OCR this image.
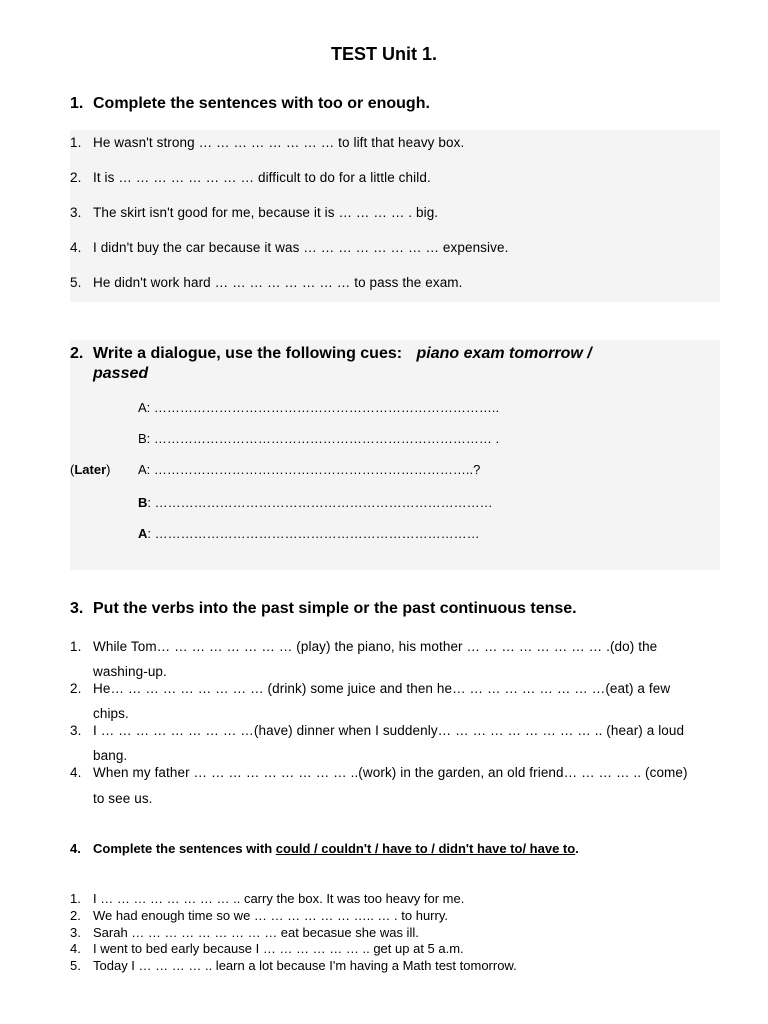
TEST Unit 1.
1. Complete the sentences with too or enough.
1. He wasn't strong … … … … … … … … to lift that heavy box.
2. It is … … … … … … … … difficult to do for a little child.
3. The skirt isn't good for me, because it is … … … … . big.
4. I didn't buy the car because it was … … … … … … … … expensive.
5. He didn't work hard … … … … … … … … to pass the exam.
2. Write a dialogue, use the following cues: piano exam tomorrow /
passed
A: ……………………………………………………………………..
B: …………………………………………………………………… .
(Later) A: ………………………………………………………………..?
B: ……………………………………………………………………
A: …………………………………………………………………
3. Put the verbs into the past simple or the past continuous tense.
1. While Tom… … … … … … … … (play) the piano, his mother … … … … … … … … .(do) the
washing-up.
2. He… … … … … … … … … (drink) some juice and then he… … … … … … … … …(eat) a few
chips.
3. I … … … … … … … … …(have) dinner when I suddenly… … … … … … … … … .. (hear) a loud
bang.
4. When my father … … … … … … … … … ..(work) in the garden, an old friend… … … … .. (come)
to see us.
4. Complete the sentences with could / couldn't / have to / didn't have to/ have to.
1. I … … … … … … … … .. carry the box. It was too heavy for me.
2. We had enough time so we … … … … … … ….. … . to hurry.
3. Sarah … … … … … … … … … eat becasue she was ill.
4. I went to bed early because I … … … … … … .. get up at 5 a.m.
5. Today I … … … … .. learn a lot because I'm having a Math test tomorrow.
